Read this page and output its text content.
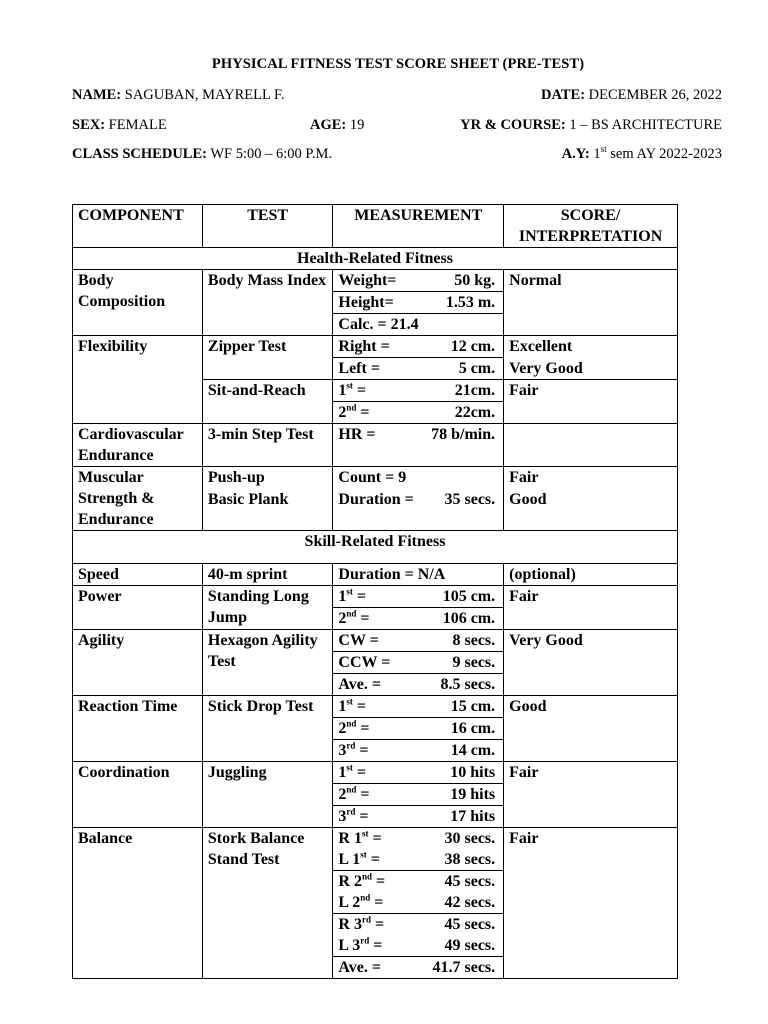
PHYSICAL FITNESS TEST SCORE SHEET (PRE-TEST)
NAME: SAGUBAN, MAYRELL F.	DATE: DECEMBER 26, 2022
SEX: FEMALE	AGE: 19	YR & COURSE: 1 – BS ARCHITECTURE
CLASS SCHEDULE: WF 5:00 – 6:00 P.M.	A.Y: 1st sem AY 2022-2023
COMPONENT	TEST	MEASUREMENT	SCORE/ INTERPRETATION
Health-Related Fitness			
Body Composition	Body Mass Index	Weight= 50 kg.	Normal
		Height= 1.53 m.	

		Calc. = 21.4	
Flexibility	Zipper Test	Right = 12 cm.	Excellent
		Left = 5 cm.	Very Good
	Sit-and-Reach	1st = 21cm.	Fair
		2nd = 22cm.	

Cardiovascular Endurance	3-min Step Test	HR = 78 b/min.	

Muscular Strength & Endurance	Push-up	Count = 9	Fair
	Basic Plank	Duration = 35 secs.	Good
Skill-Related Fitness			
Speed	40-m sprint	Duration = N/A	(optional)
Power	Standing Long Jump	1st = 105 cm.	Fair
		2nd = 106 cm.	

Agility	Hexagon Agility Test	CW = 8 secs.	Very Good
		CCW = 9 secs.	

		Ave. = 8.5 secs.	

Reaction Time	Stick Drop Test	1st = 15 cm.	Good
		2nd = 16 cm.	

		3rd = 14 cm.	

Coordination	Juggling	1st = 10 hits	Fair
		2nd = 19 hits	

		3rd = 17 hits	

Balance	Stork Balance Stand Test	R 1st = 30 secs.	Fair
		L 1st = 38 secs.	

		R 2nd = 45 secs.	

		L 2nd = 42 secs.	

		R 3rd = 45 secs.	

		L 3rd = 49 secs.	

		Ave. = 41.7 secs.	
